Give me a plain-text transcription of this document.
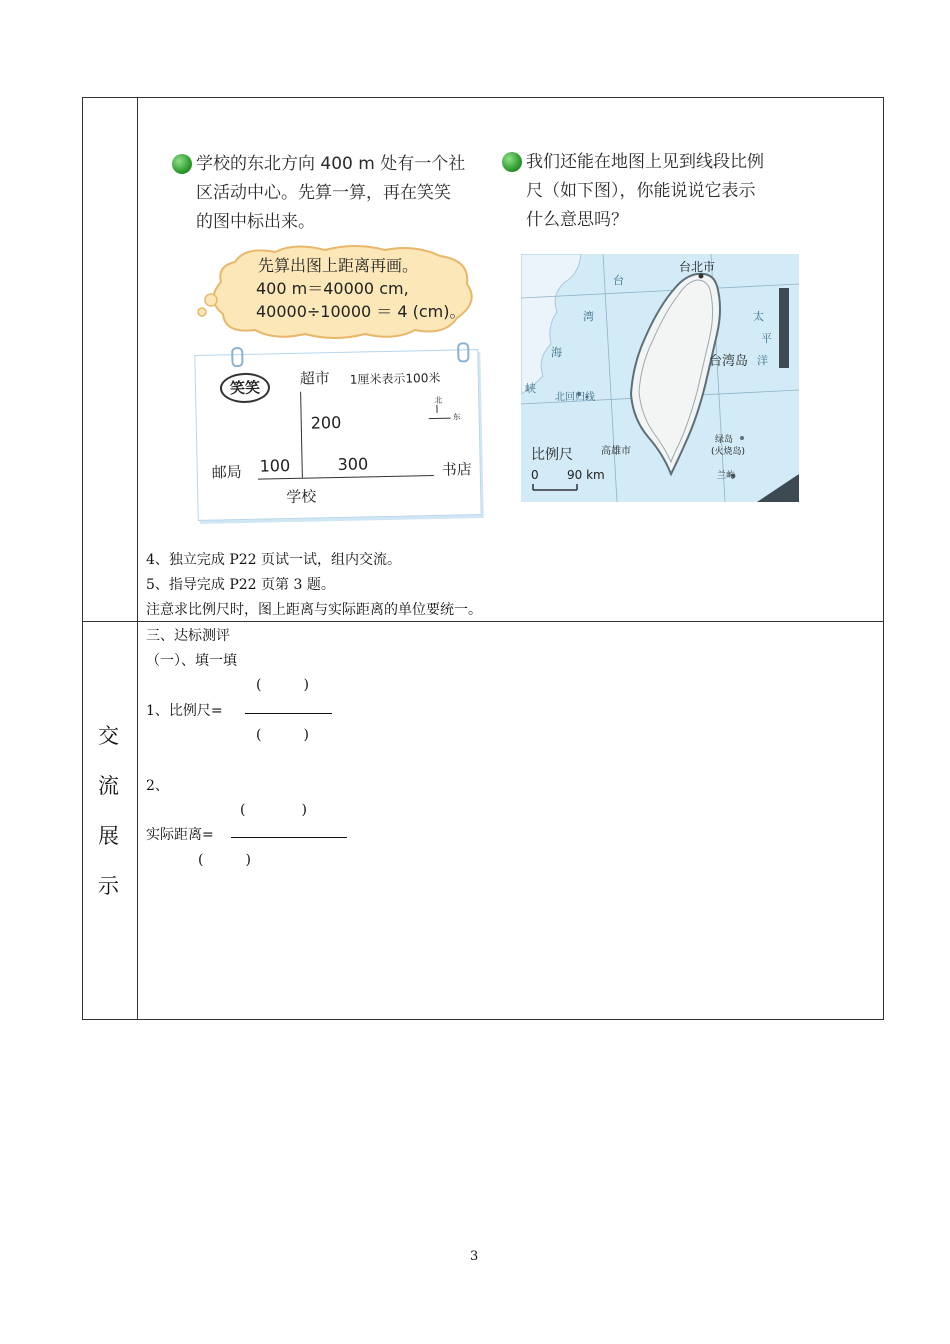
学校的东北方向 400 m 处有一个社
区活动中心。先算一算，再在笑笑
的图中标出来。
先算出图上距离再画。
400 m＝40000 cm,
40000÷10000 ＝ 4 (cm)。
笑笑
超市 1厘米表示100米
北
东
200
邮局 100	300	书店
学校
我们还能在地图上见到线段比例
尺（如下图），你能说说它表示
什么意思吗？
台北市
台
湾
海
峡
太
平
洋
台湾岛
北回归线
高雄市
绿岛
(火烧岛)
兰屿
比例尺
0 90 km
4、独立完成 P22 页试一试，组内交流。
5、指导完成 P22 页第 3 题。
注意求比例尺时，图上距离与实际距离的单位要统一。
交
流
展
示
三、达标测评
（一）、填一填
(　　　)
1、比例尺=
(　　　)
2、
(　　　　)
实际距离=
(　　　)
3
